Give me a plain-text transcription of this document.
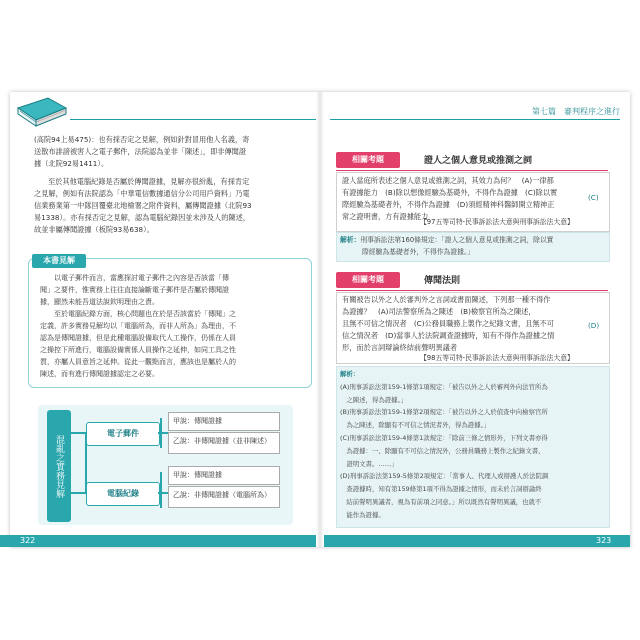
第七篇　審判程序之進行
(高院94上易475)：也有採否定之見解，例如針對冒用他人名義，寄
送散布誹謗被害人之電子郵件，法院認為並非「陳述」，即非傳聞證
據（北院92易1411）。
至於其他電腦紀錄是否屬於傳聞證據，見解亦很紛亂，有採肯定
之見解，例如有法院認為「中華電信數據通信分公司用戶資料」乃電
信業務業第一中隊回覆臺北地檢署之附件資料，屬傳聞證據（北院93
易1338）。亦有採否定之見解，認為電腦紀錄因並未涉及人的陳述，
故並非屬傳聞證據（板院93易638）。
本書見解
以電子郵件而言，當應探討電子郵件之內容是否該當「傳
聞」之要件，惟實務上往往直接論斷電子郵件是否屬於傳聞證
據，顯然未能吾道法說欽明理由之責。
至於電腦紀錄方面，核心問題也在於是否該當於「傳聞」之
定義，許多實務見解均以「電腦所為，而非人所為」為理由，不
認為是傳聞證據，但是此種電腦設備取代人工操作，仍係在人員
之操控下所進行，電腦設備實係人員操作之延伸，如同工具之性
質，亦屬人員意旨之延伸。從此一觀點而言，應該也是屬於人的
陳述，而有進行傳聞證據認定之必要。
混亂之實務見解
電子郵件
電腦紀錄
甲說：傳聞證據
乙說：非傳聞證據（並非陳述）
甲說：傳聞證據
乙說：非傳聞證據（電腦所為）
322
相關考題	證人之個人意見或推測之詞
證人當庭所表述之個人意見或推測之詞，其效力為何？　(A)一律都
有證據能力　(B)除以想像經驗為基礎外，不得作為證據　(C)除以實
際經驗為基礎者外，不得作為證據　(D)須經精神科醫師開立精神正
常之證明書，方有證據能力
(C)
【97五等司特-民事訴訟法大意與刑事訴訟法大意】
解析：刑事訴訟法第160條規定：「證人之個人意見或推測之詞，除以實
際經驗為基礎者外，不得作為證據。」
相關考題	傳聞法則
有關被告以外之人於審判外之言詞或書面陳述，下列那一種不得作
為證據？　(A)司法警察所為之陳述　(B)檢察官所為之陳述，
且無不可信之情況者　(C)公務員職務上製作之紀錄文書，且無不可
信之情況者　(D)當事人於法院調查證據時，知有不得作為證據之情
形，而於言詞辯論終結前聲明異議者
(D)
【98五等司特-民事訴訟法大意與刑事訴訟法大意】
解析：
(A)刑事訴訟法第159-1條第1項規定：「被告以外之人於審判外向法官所為
　之陳述，得為證據。」
(B)刑事訴訟法第159-1條第2項規定：「被告以外之人於偵查中向檢察官所
　為之陳述，除顯有不可信之情況者外，得為證據。」
(C)刑事訴訟法第159-4條第1款規定：「除前三條之情形外，下列文書亦得
　為證據：一、除顯有不可信之情況外，公務員職務上製作之紀錄文書、
　證明文書。……」
(D)刑事訴訟法第159-5條第2項規定：「當事人、代理人或辯護人於法院調
　查證據時，知有第159條第1項不得為證據之情形，而未於言詞辯論終
　結前聲明異議者，視為有前項之同意。」所以既然有聲明異議，也就不
　能作為證據。
323
